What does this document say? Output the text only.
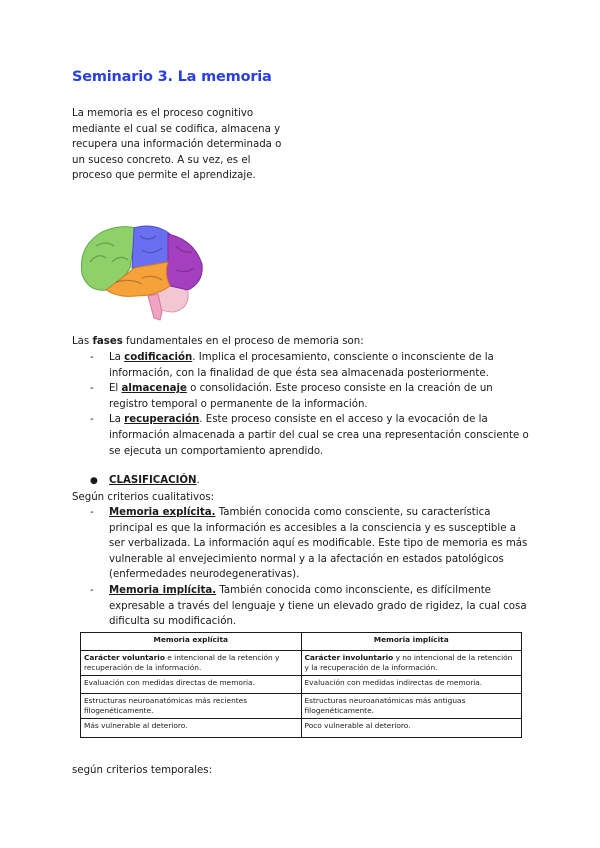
Seminario 3. La memoria

La memoria es el proceso cognitivo mediante el cual se codifica, almacena y recupera una información determinada o un suceso concreto. A su vez, es el proceso que permite el aprendizaje.

Las fases fundamentales en el proceso de memoria son:

- La codificación. Implica el procesamiento, consciente o inconsciente de la información, con la finalidad de que ésta sea almacenada posteriormente.
- El almacenaje o consolidación. Este proceso consiste en la creación de un registro temporal o permanente de la información.
- La recuperación. Este proceso consiste en el acceso y la evocación de la información almacenada a partir del cual se crea una representación consciente o se ejecuta un comportamiento aprendido.

● CLASIFICACIÓN.

Según criterios cualitativos:

- Memoria explícita. También conocida como consciente, su característica principal es que la información es accesibles a la consciencia y es susceptible a ser verbalizada. La información aquí es modificable. Este tipo de memoria es más vulnerable al envejecimiento normal y a la afectación en estados patológicos (enfermedades neurodegenerativas).
- Memoria implícita. También conocida como inconsciente, es difícilmente expresable a través del lenguaje y tiene un elevado grado de rigidez, la cual cosa dificulta su modificación.
Memoria explícita	Memoria implícita
Carácter voluntario e intencional de la retención y recuperación de la información.	Carácter involuntario y no intencional de la retención y la recuperación de la información.
Evaluación con medidas directas de memoria.	Evaluación con medidas indirectas de memoria.
Estructuras neuroanatómicas más recientes filogenéticamente.	Estructuras neuroanatómicas más antiguas filogenéticamente.
Más vulnerable al deterioro.	Poco vulnerable al deterioro.

según criterios temporales:
